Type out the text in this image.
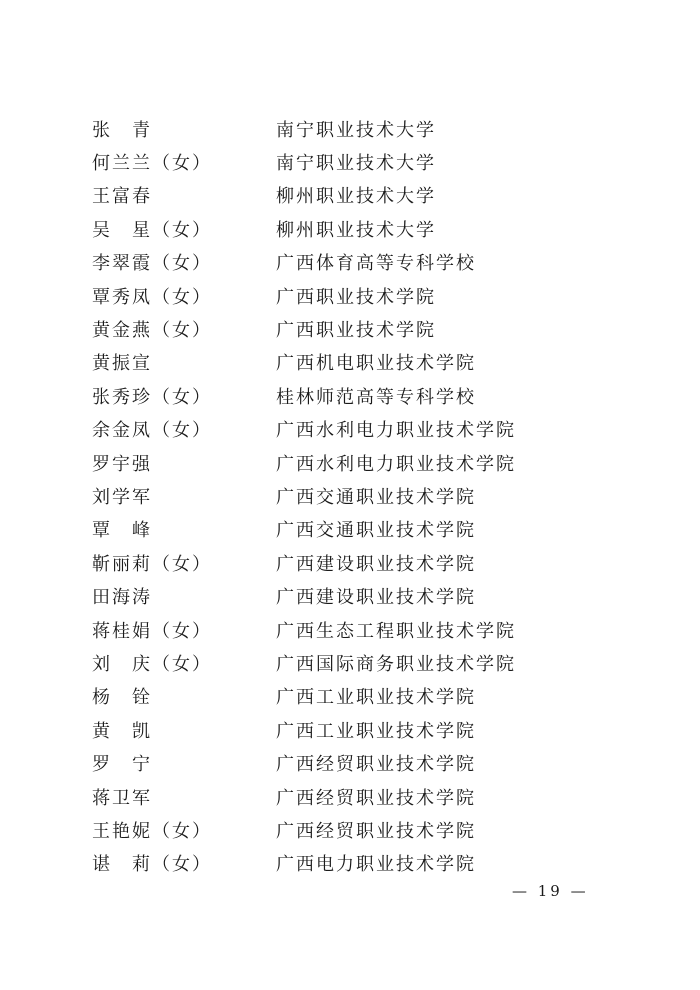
张　青	南宁职业技术大学
何兰兰（女）	南宁职业技术大学
王富春	柳州职业技术大学
吴　星（女）	柳州职业技术大学
李翠霞（女）	广西体育高等专科学校
覃秀凤（女）	广西职业技术学院
黄金燕（女）	广西职业技术学院
黄振宣	广西机电职业技术学院
张秀珍（女）	桂林师范高等专科学校
余金凤（女）	广西水利电力职业技术学院
罗宇强	广西水利电力职业技术学院
刘学军	广西交通职业技术学院
覃　峰	广西交通职业技术学院
靳丽莉（女）	广西建设职业技术学院
田海涛	广西建设职业技术学院
蒋桂娟（女）	广西生态工程职业技术学院
刘　庆（女）	广西国际商务职业技术学院
杨　铨	广西工业职业技术学院
黄　凯	广西工业职业技术学院
罗　宁	广西经贸职业技术学院
蒋卫军	广西经贸职业技术学院
王艳妮（女）	广西经贸职业技术学院
谌　莉（女）	广西电力职业技术学院
— 19 —
